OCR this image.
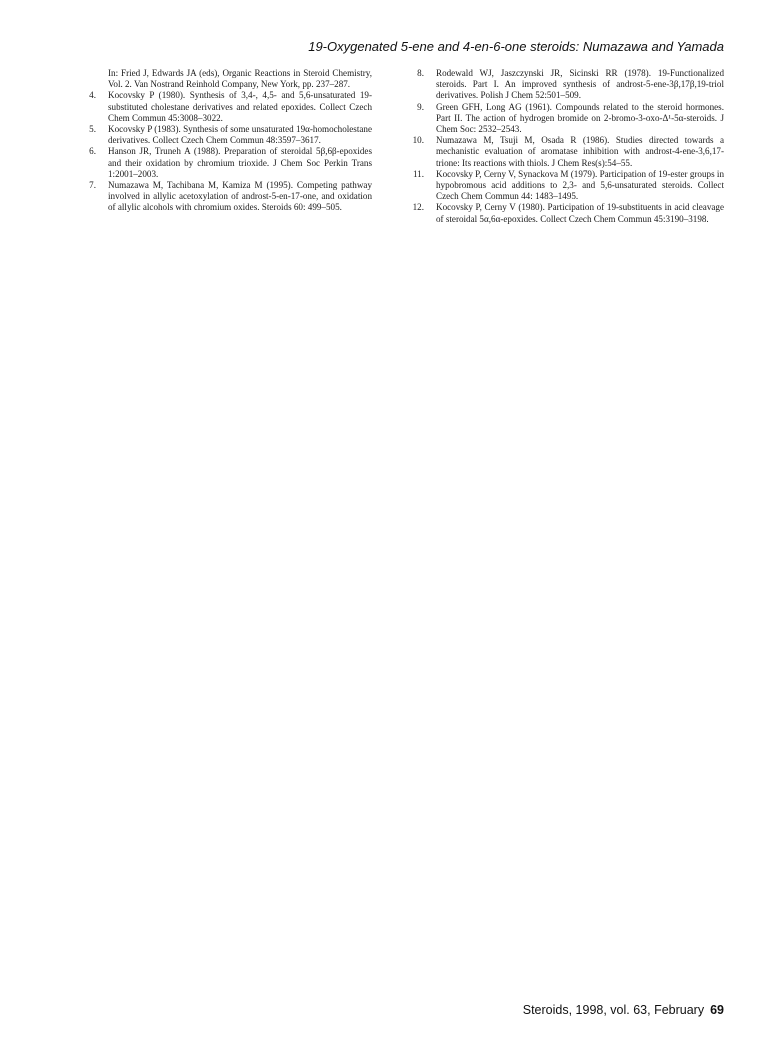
19-Oxygenated 5-ene and 4-en-6-one steroids: Numazawa and Yamada

In: Fried J, Edwards JA (eds), Organic Reactions in Steroid Chemistry, Vol. 2. Van Nostrand Reinhold Company, New York, pp. 237–287.

4. Kocovsky P (1980). Synthesis of 3,4-, 4,5- and 5,6-unsaturated 19-substituted cholestane derivatives and related epoxides. Collect Czech Chem Commun 45:3008–3022.
5. Kocovsky P (1983). Synthesis of some unsaturated 19α-homocholestane derivatives. Collect Czech Chem Commun 48:3597–3617.
6. Hanson JR, Truneh A (1988). Preparation of steroidal 5β,6β-epoxides and their oxidation by chromium trioxide. J Chem Soc Perkin Trans 1:2001–2003.
7. Numazawa M, Tachibana M, Kamiza M (1995). Competing pathway involved in allylic acetoxylation of androst-5-en-17-one, and oxidation of allylic alcohols with chromium oxides. Steroids 60: 499–505.
8. Rodewald WJ, Jaszczynski JR, Sicinski RR (1978). 19-Functionalized steroids. Part I. An improved synthesis of androst-5-ene-3β,17β,19-triol derivatives. Polish J Chem 52:501–509.
9. Green GFH, Long AG (1961). Compounds related to the steroid hormones. Part II. The action of hydrogen bromide on 2-bromo-3-oxo-Δ¹-5α-steroids. J Chem Soc: 2532–2543.
10. Numazawa M, Tsuji M, Osada R (1986). Studies directed towards a mechanistic evaluation of aromatase inhibition with androst-4-ene-3,6,17-trione: Its reactions with thiols. J Chem Res(s):54–55.
11. Kocovsky P, Cerny V, Synackova M (1979). Participation of 19-ester groups in hypobromous acid additions to 2,3- and 5,6-unsaturated steroids. Collect Czech Chem Commun 44: 1483–1495.
12. Kocovsky P, Cerny V (1980). Participation of 19-substituents in acid cleavage of steroidal 5α,6α-epoxides. Collect Czech Chem Commun 45:3190–3198.
Steroids, 1998, vol. 63, February 69
